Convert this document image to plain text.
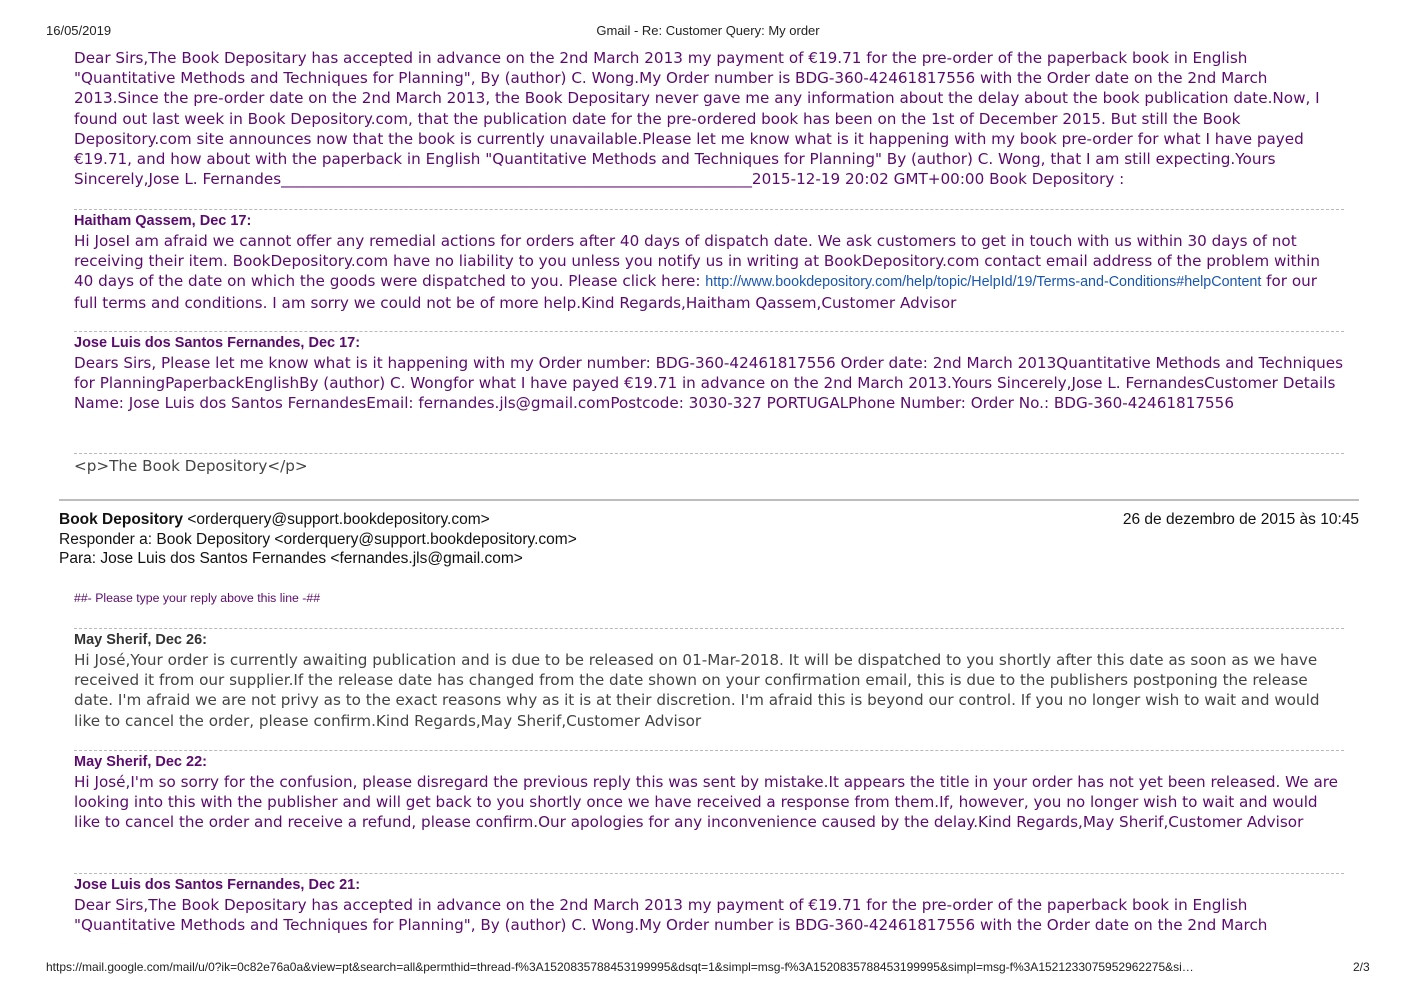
16/05/2019	Gmail - Re: Customer Query: My order

Dear Sirs,The Book Depositary has accepted in advance on the 2nd March 2013 my payment of €19.71 for the pre-order of the paperback book in English "Quantitative Methods and Techniques for Planning", By (author) C. Wong.My Order number is BDG-360-42461817556 with the Order date on the 2nd March 2013.Since the pre-order date on the 2nd March 2013, the Book Depositary never gave me any information about the delay about the book publication date.Now, I found out last week in Book Depository.com, that the publication date for the pre-ordered book has been on the 1st of December 2015. But still the Book Depository.com site announces now that the book is currently unavailable.Please let me know what is it happening with my book pre-order for what I have payed €19.71, and how about with the paperback in English "Quantitative Methods and Techniques for Planning" By (author) C. Wong, that I am still expecting.Yours Sincerely,Jose L. Fernandes______________________________________________________________2015-12-19 20:02 GMT+00:00 Book Depository :

Haitham Qassem, Dec 17:

Hi JoseI am afraid we cannot offer any remedial actions for orders after 40 days of dispatch date. We ask customers to get in touch with us within 30 days of not receiving their item. BookDepository.com have no liability to you unless you notify us in writing at BookDepository.com contact email address of the problem within 40 days of the date on which the goods were dispatched to you. Please click here: http://www.bookdepository.com/help/topic/HelpId/19/Terms-and-Conditions#helpContent for our full terms and conditions. I am sorry we could not be of more help.Kind Regards,Haitham Qassem,Customer Advisor

Jose Luis dos Santos Fernandes, Dec 17:

Dears Sirs, Please let me know what is it happening with my Order number: BDG-360-42461817556 Order date: 2nd March 2013Quantitative Methods and Techniques for PlanningPaperbackEnglishBy (author) C. Wongfor what I have payed €19.71 in advance on the 2nd March 2013.Yours Sincerely,Jose L. FernandesCustomer Details Name: Jose Luis dos Santos FernandesEmail: fernandes.jls@gmail.comPostcode: 3030-327 PORTUGALPhone Number: Order No.: BDG-360-42461817556

<p>The Book Depository</p>

Book Depository <orderquery@support.bookdepository.com>	26 de dezembro de 2015 às 10:45
Responder a: Book Depository <orderquery@support.bookdepository.com>
Para: Jose Luis dos Santos Fernandes <fernandes.jls@gmail.com>
##- Please type your reply above this line -##

May Sherif, Dec 26:

Hi José,Your order is currently awaiting publication and is due to be released on 01-Mar-2018. It will be dispatched to you shortly after this date as soon as we have received it from our supplier.If the release date has changed from the date shown on your confirmation email, this is due to the publishers postponing the release date. I'm afraid we are not privy as to the exact reasons why as it is at their discretion. I'm afraid this is beyond our control. If you no longer wish to wait and would like to cancel the order, please confirm.Kind Regards,May Sherif,Customer Advisor

May Sherif, Dec 22:

Hi José,I'm so sorry for the confusion, please disregard the previous reply this was sent by mistake.It appears the title in your order has not yet been released. We are looking into this with the publisher and will get back to you shortly once we have received a response from them.If, however, you no longer wish to wait and would like to cancel the order and receive a refund, please confirm.Our apologies for any inconvenience caused by the delay.Kind Regards,May Sherif,Customer Advisor

Jose Luis dos Santos Fernandes, Dec 21:

Dear Sirs,The Book Depositary has accepted in advance on the 2nd March 2013 my payment of €19.71 for the pre-order of the paperback book in English "Quantitative Methods and Techniques for Planning", By (author) C. Wong.My Order number is BDG-360-42461817556 with the Order date on the 2nd March

https://mail.google.com/mail/u/0?ik=0c82e76a0a&view=pt&search=all&permthid=thread-f%3A1520835788453199995&dsqt=1&simpl=msg-f%3A1520835788453199995&simpl=msg-f%3A1521233075952962275&si…	2/3
